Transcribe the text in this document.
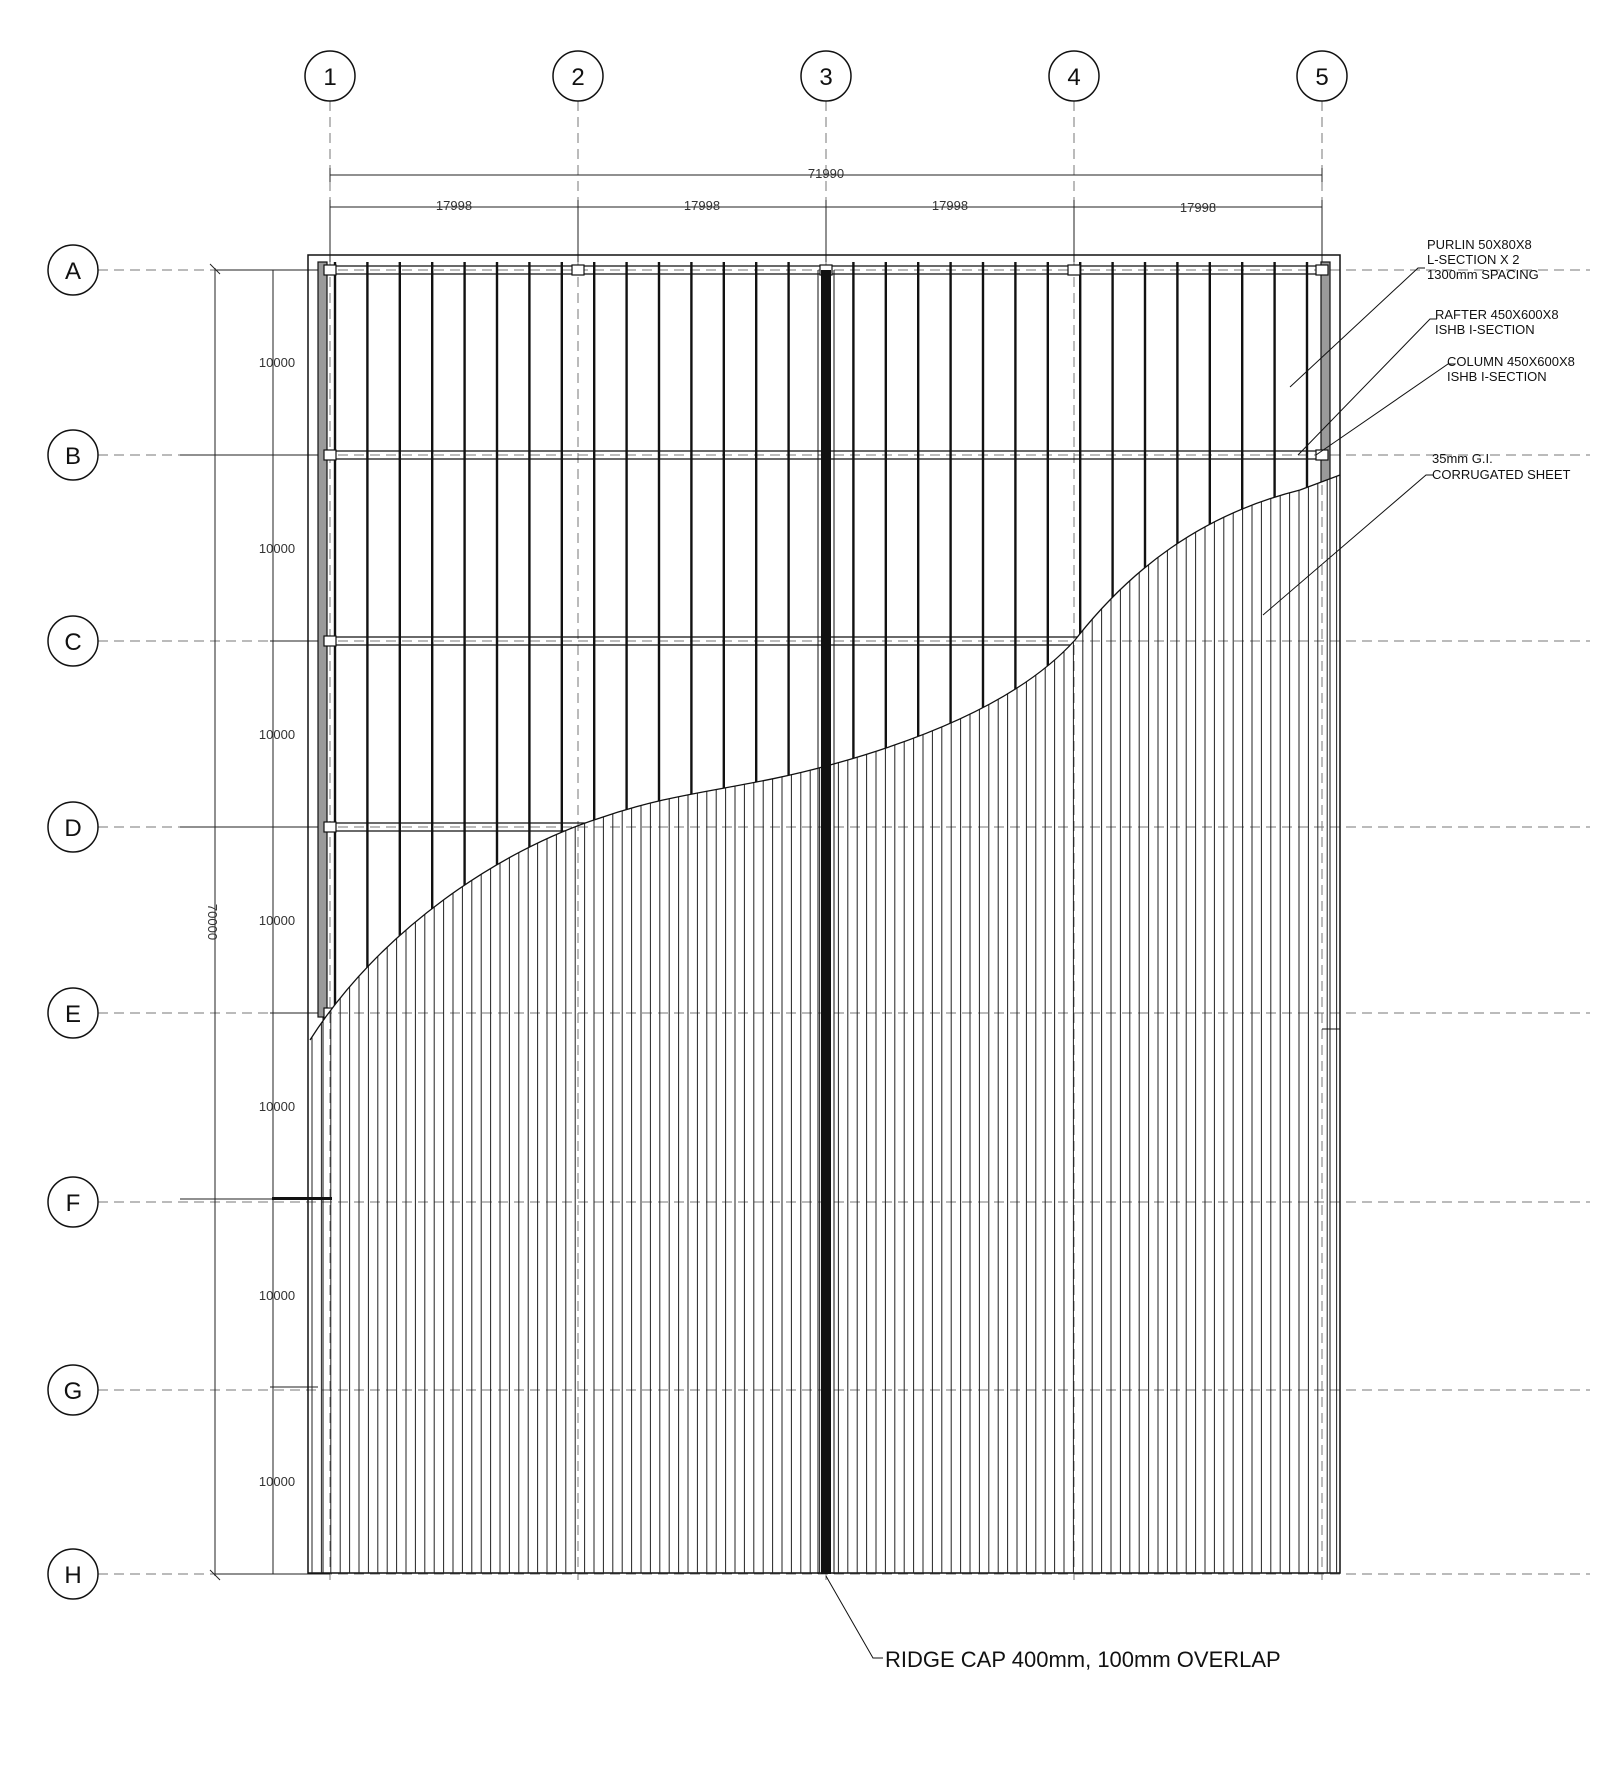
1	2	3	4	5
A
B
C
D
E
F
G
H
71990
17998	17998	17998	17998
70000
10000
10000
10000
10000
10000
10000
10000
PURLIN 50X80X8
L-SECTION X 2
1300mm SPACING
RAFTER 450X600X8
ISHB I-SECTION
COLUMN 450X600X8
ISHB I-SECTION
35mm G.I.
CORRUGATED SHEET
RIDGE CAP 400mm, 100mm OVERLAP
